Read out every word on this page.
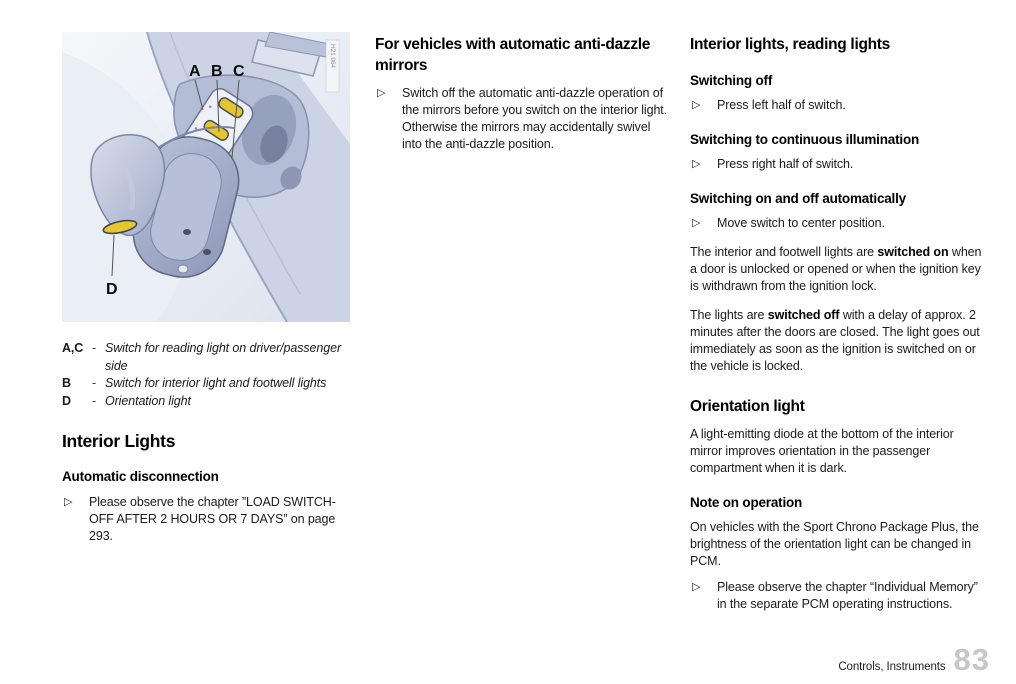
H21 064
A B C
D
A,C - Switch for reading light on driver/passenger side
B	- Switch for interior light and footwell lights
D	- Orientation light
Interior Lights
Automatic disconnection
▷	Please observe the chapter ”LOAD SWITCH-OFF AFTER 2 HOURS OR 7 DAYS” on page 293.
For vehicles with automatic anti-dazzle mirrors
▷	Switch off the automatic anti-dazzle operation of the mirrors before you switch on the interior light. Otherwise the mirrors may accidentally swivel into the anti-dazzle position.
Interior lights, reading lights
Switching off
▷	Press left half of switch.
Switching to continuous illumination
▷	Press right half of switch.
Switching on and off automatically
▷	Move switch to center position.
The interior and footwell lights are switched on when a door is unlocked or opened or when the ignition key is withdrawn from the ignition lock.
The lights are switched off with a delay of approx. 2 minutes after the doors are closed. The light goes out immediately as soon as the ignition is switched on or the vehicle is locked.
Orientation light
A light-emitting diode at the bottom of the interior mirror improves orientation in the passenger compartment when it is dark.
Note on operation
On vehicles with the Sport Chrono Package Plus, the brightness of the orientation light can be changed in PCM.
▷	Please observe the chapter “Individual Memory” in the separate PCM operating instructions.
Controls, Instruments 83
